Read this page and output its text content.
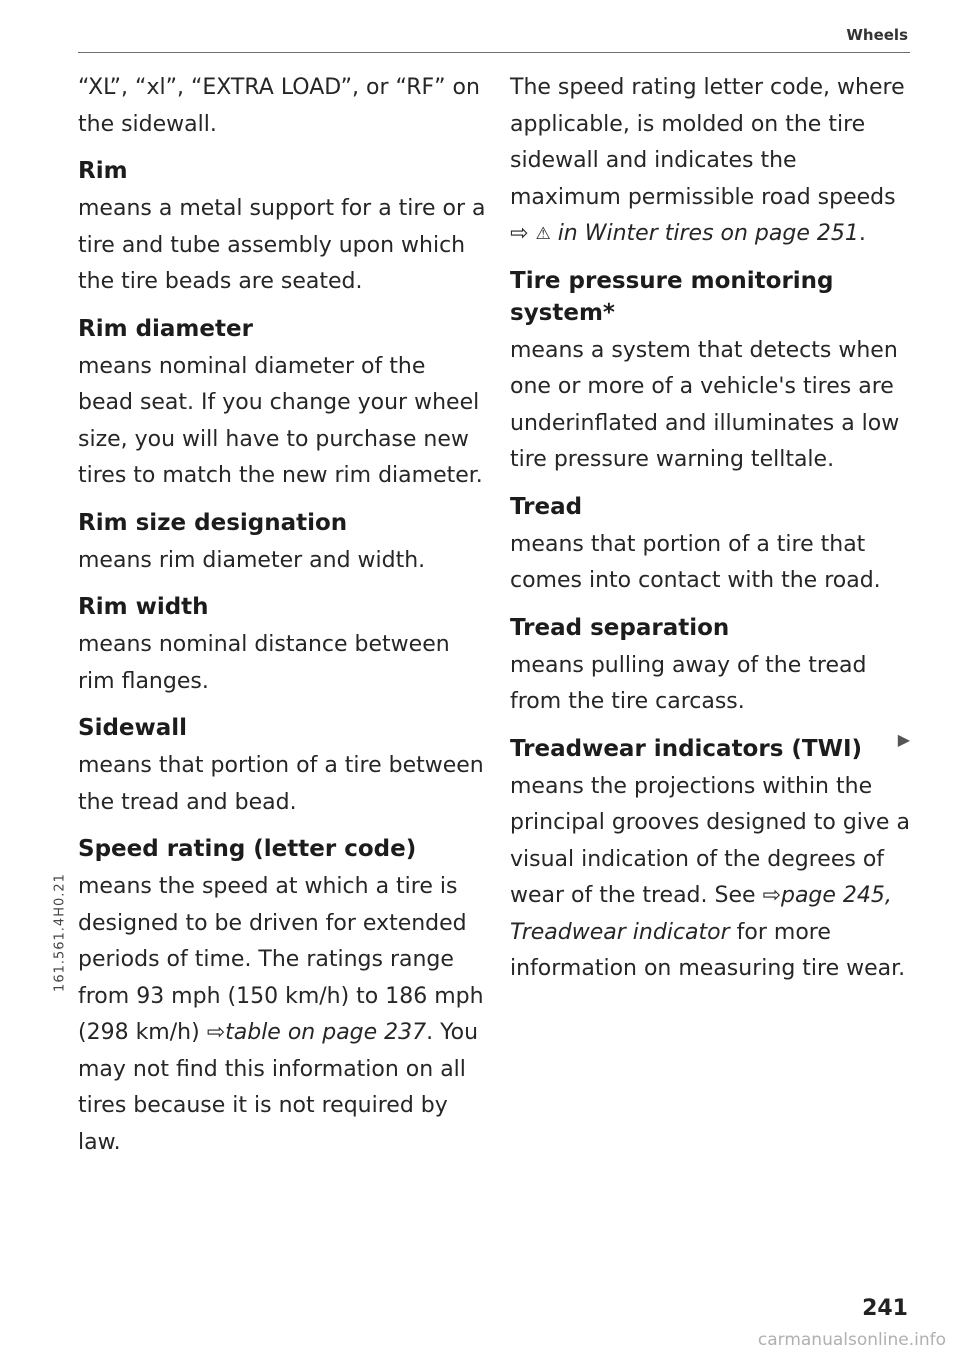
Wheels

“XL”, “xl”, “EXTRA LOAD”, or “RF” on the sidewall.

Rim

means a metal support for a tire or a tire and tube assembly upon which the tire beads are seated.

Rim diameter

means nominal diameter of the bead seat. If you change your wheel size, you will have to purchase new tires to match the new rim diameter.

Rim size designation

means rim diameter and width.

Rim width

means nominal distance between rim flanges.

Sidewall

means that portion of a tire between the tread and bead.

Speed rating (letter code)

means the speed at which a tire is designed to be driven for extended periods of time. The ratings range from 93 mph (150 km/h) to 186 mph (298 km/h) ⇨table on page 237. You may not find this information on all tires because it is not required by law.

The speed rating letter code, where applicable, is molded on the tire sidewall and indicates the maximum permissible road speeds ⇨ ⚠ in Winter tires on page 251.

Tire pressure monitoring system*

means a system that detects when one or more of a vehicle's tires are underinflated and illuminates a low tire pressure warning telltale.

Tread

means that portion of a tire that comes into contact with the road.

Tread separation

means pulling away of the tread from the tire carcass.

Treadwear indicators (TWI)

means the projections within the principal grooves designed to give a visual indication of the degrees of wear of the tread. See ⇨page 245, Treadwear indicator for more information on measuring tire wear.

▶
161.561.4H0.21
241
carmanualsonline.info
